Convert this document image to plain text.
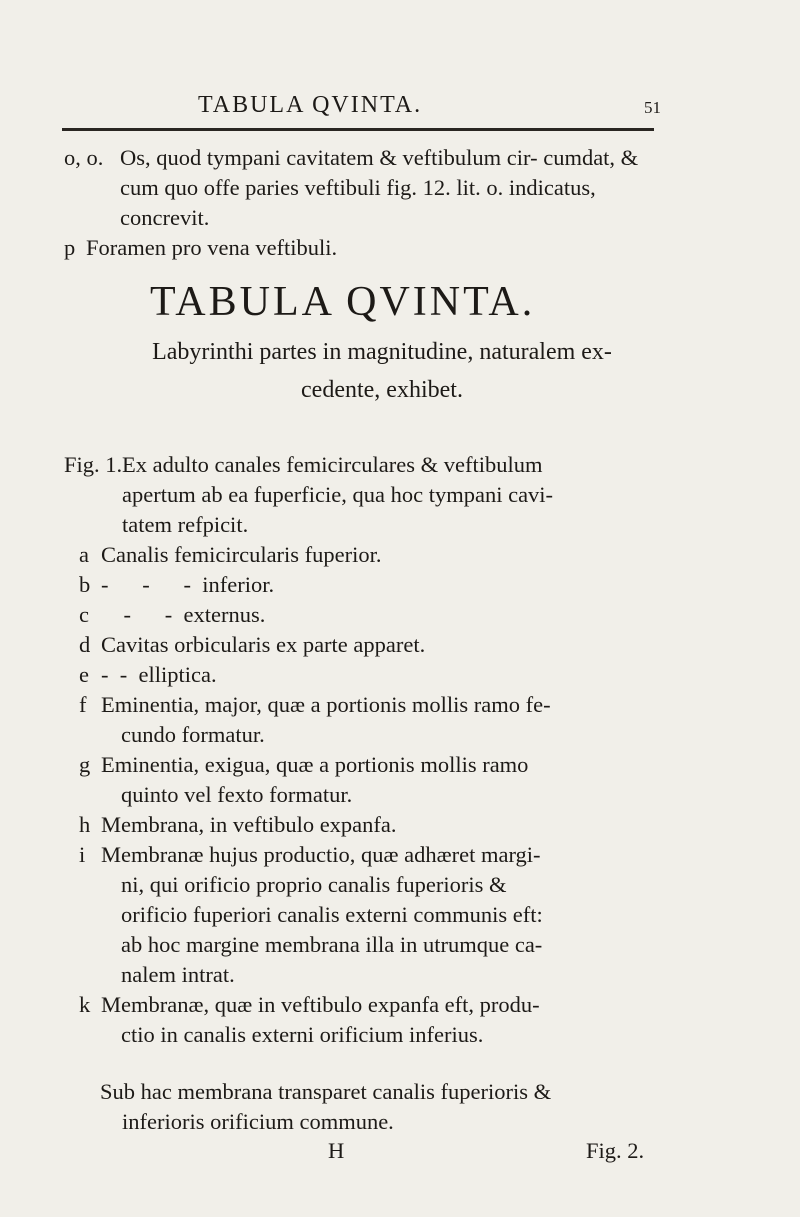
TABULA QVINTA.	51
o, o. Os, quod tympani cavitatem & veftibulum cir- cumdat, & cum quo offe paries veftibuli fig. 12. lit. o. indicatus, concrevit.
p Foramen pro vena veftibuli.
TABULA QVINTA.
Labyrinthi partes in magnitudine, naturalem ex-
cedente, exhibet.
Fig. 1. Ex adulto canales femicirculares & veftibulum
apertum ab ea fuperficie, qua hoc tympani cavi-
tatem refpicit.
a Canalis femicircularis fuperior.
b -      -      -  inferior.
c -      -  externus.
d Cavitas orbicularis ex parte apparet.
e -  -  elliptica.
f Eminentia, major, quæ a portionis mollis ramo fe-
cundo formatur.
g Eminentia, exigua, quæ a portionis mollis ramo
quinto vel fexto formatur.
h Membrana, in veftibulo expanfa.
i Membranæ hujus productio, quæ adhæret margi-
ni, qui orificio proprio canalis fuperioris &
orificio fuperiori canalis externi communis eft:
ab hoc margine membrana illa in utrumque ca-
nalem intrat.
k Membranæ, quæ in veftibulo expanfa eft, produ-
ctio in canalis externi orificium inferius.
Sub hac membrana transparet canalis fuperioris &
inferioris orificium commune.
H	Fig. 2.
